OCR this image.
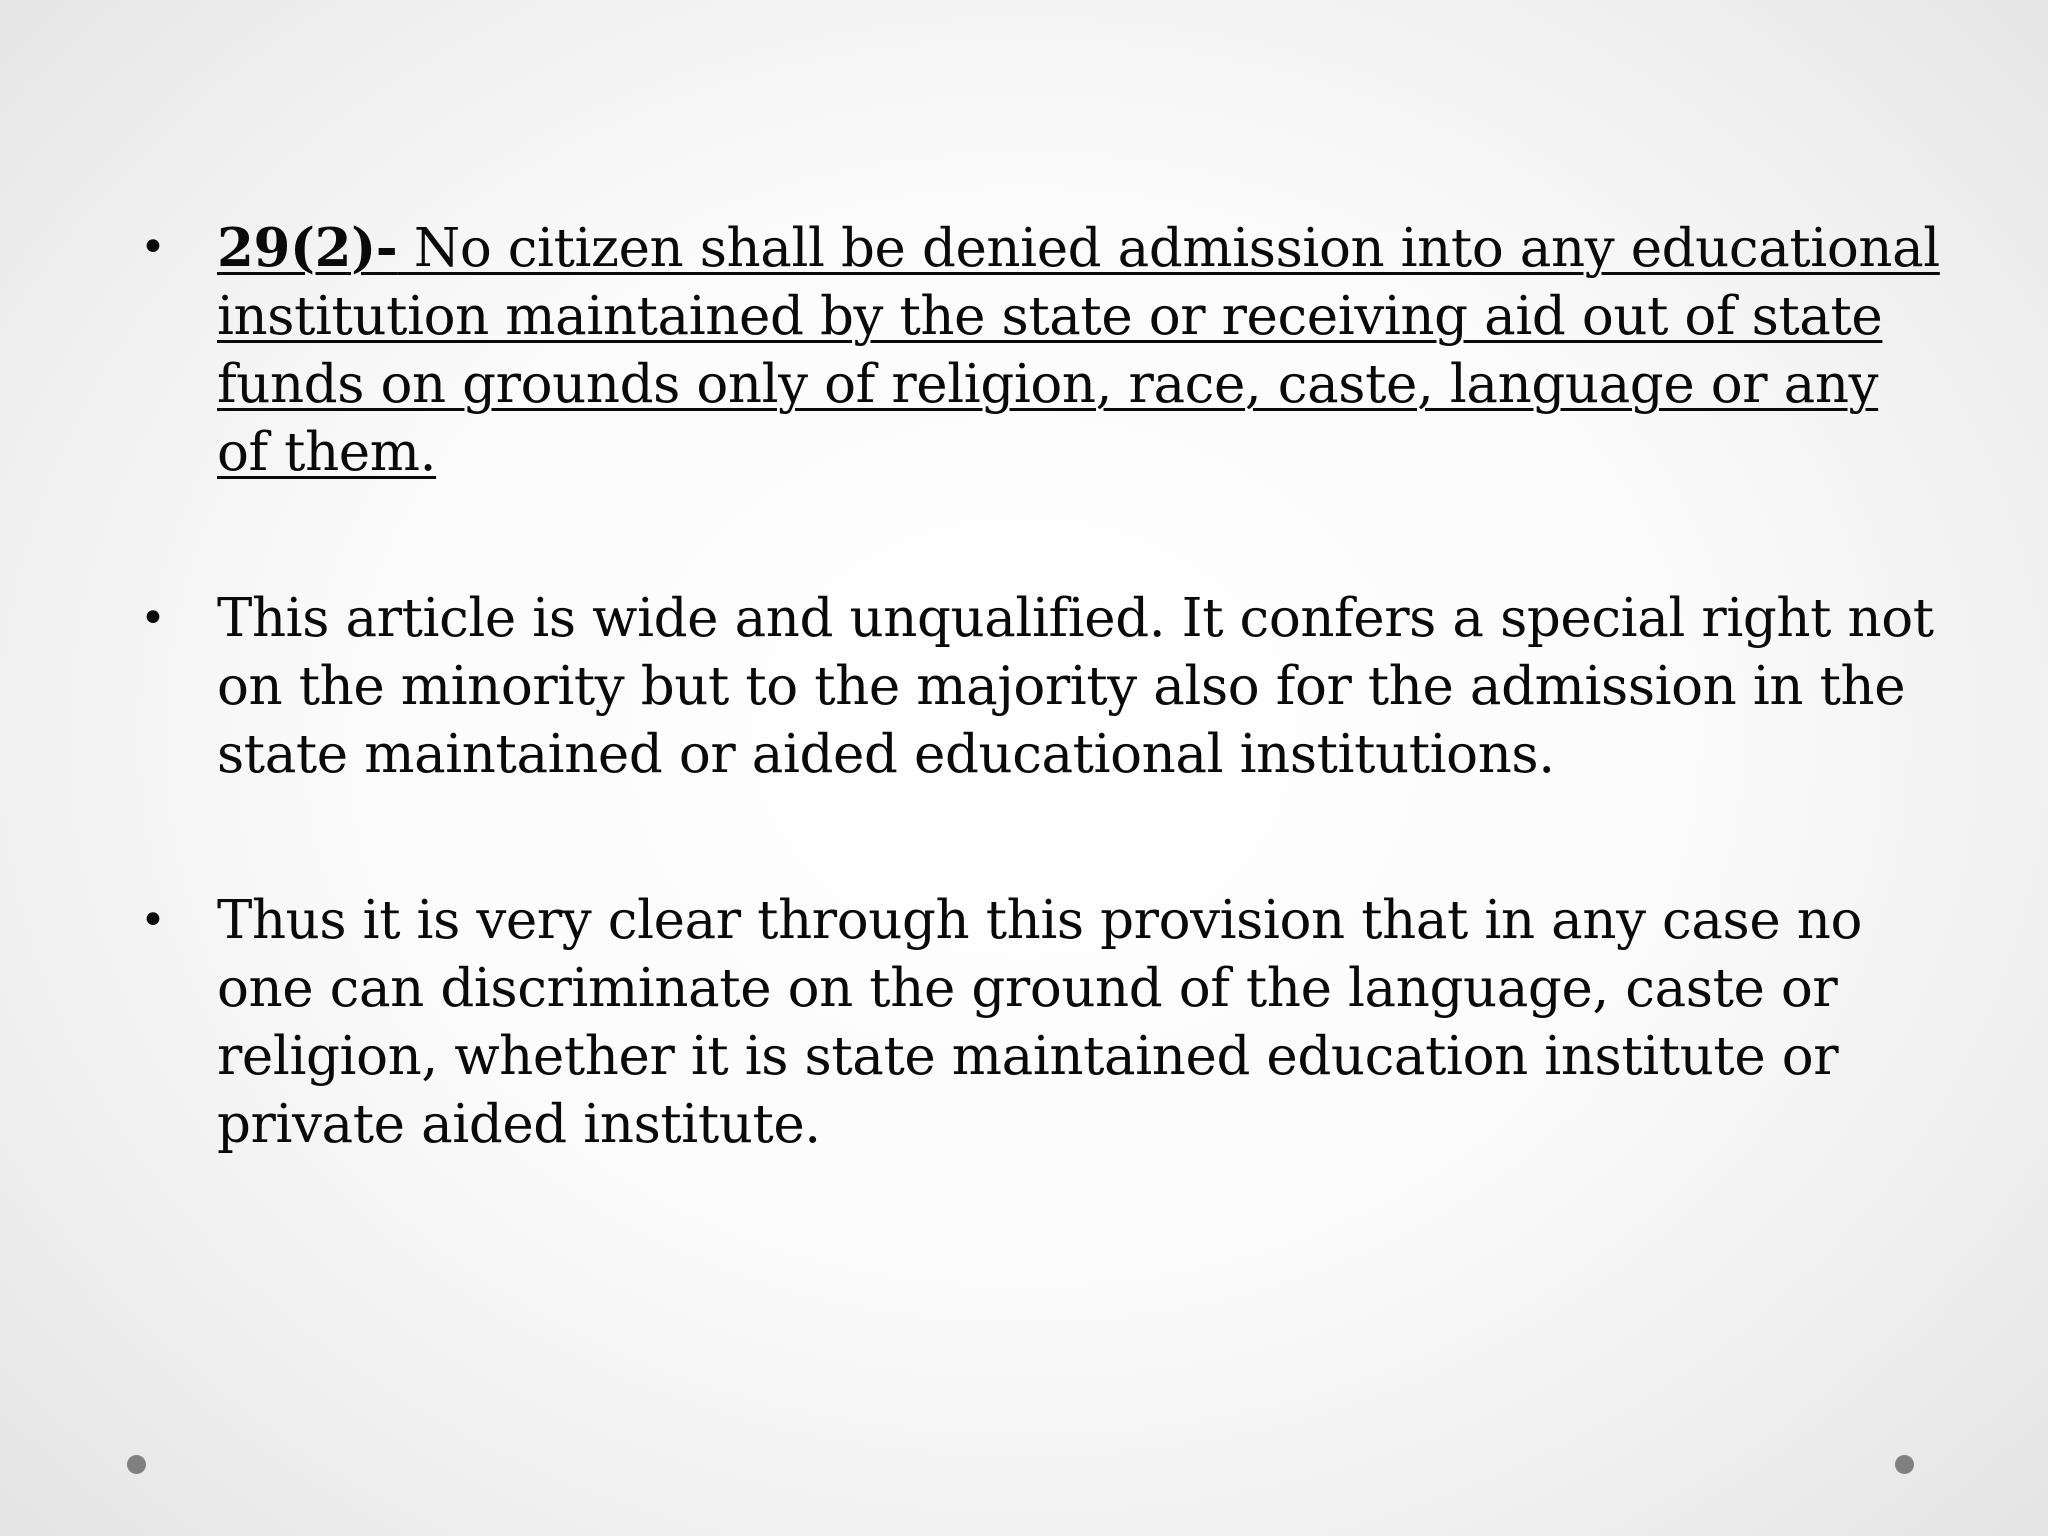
• 29(2)- No citizen shall be denied admission into any educational institution maintained by the state or receiving aid out of state funds on grounds only of religion, race, caste, language or any of them.
• This article is wide and unqualified. It confers a special right not on the minority but to the majority also for the admission in the state maintained or aided educational institutions.
• Thus it is very clear through this provision that in any case no one can discriminate on the ground of the language, caste or religion, whether it is state maintained education institute or private aided institute.
